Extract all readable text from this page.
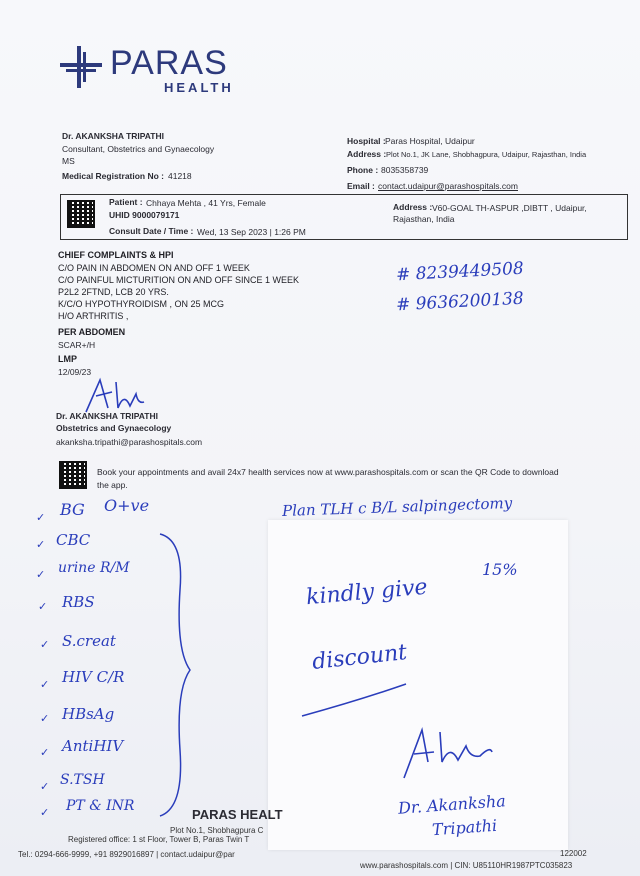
PARAS
HEALTH
Dr. AKANKSHA TRIPATHI
Consultant, Obstetrics and Gynaecology
MS
Medical Registration No : 41218
Hospital : Paras Hospital, Udaipur
Address : Plot No.1, JK Lane, Shobhagpura, Udaipur, Rajasthan, India
Phone : 8035358739
Email : contact.udaipur@parashospitals.com
Patient : Chhaya Mehta , 41 Yrs, Female
UHID 9000079171
Consult Date / Time : Wed, 13 Sep 2023 | 1:26 PM
Address : V60-GOAL TH-ASPUR ,DIBTT , Udaipur,
Rajasthan, India
CHIEF COMPLAINTS & HPI
C/O PAIN IN ABDOMEN ON AND OFF 1 WEEK
C/O PAINFUL MICTURITION ON AND OFF SINCE 1 WEEK
P2L2 2FTND, LCB 20 YRS.
K/C/O HYPOTHYROIDISM , ON 25 MCG
H/O ARTHRITIS ,
PER ABDOMEN
SCAR+/H
LMP
12/09/23
# 8239449508
# 9636200138
Dr. AKANKSHA TRIPATHI
Obstetrics and Gynaecology
akanksha.tripathi@parashospitals.com
Book your appointments and avail 24x7 health services now at www.parashospitals.com or scan the QR Code to download
the app.
✓ BG O+ve
✓ CBC
✓ urine R/M
✓ RBS
✓ S.creat
✓ HIV C/R
✓ HBsAg
✓ AntiHIV
✓ S.TSH
✓ PT & INR
Plan TLH c B/L salpingectomy
kindly give
15%
discount
Dr. Akanksha
Tripathi
PARAS HEALT
Plot No.1, Shobhagpura C
Registered office: 1 st Floor, Tower B, Paras Twin T
Tel.: 0294-666-9999, +91 8929016897 | contact.udaipur@par
www.parashospitals.com | CIN: U85110HR1987PTC035823
122002
